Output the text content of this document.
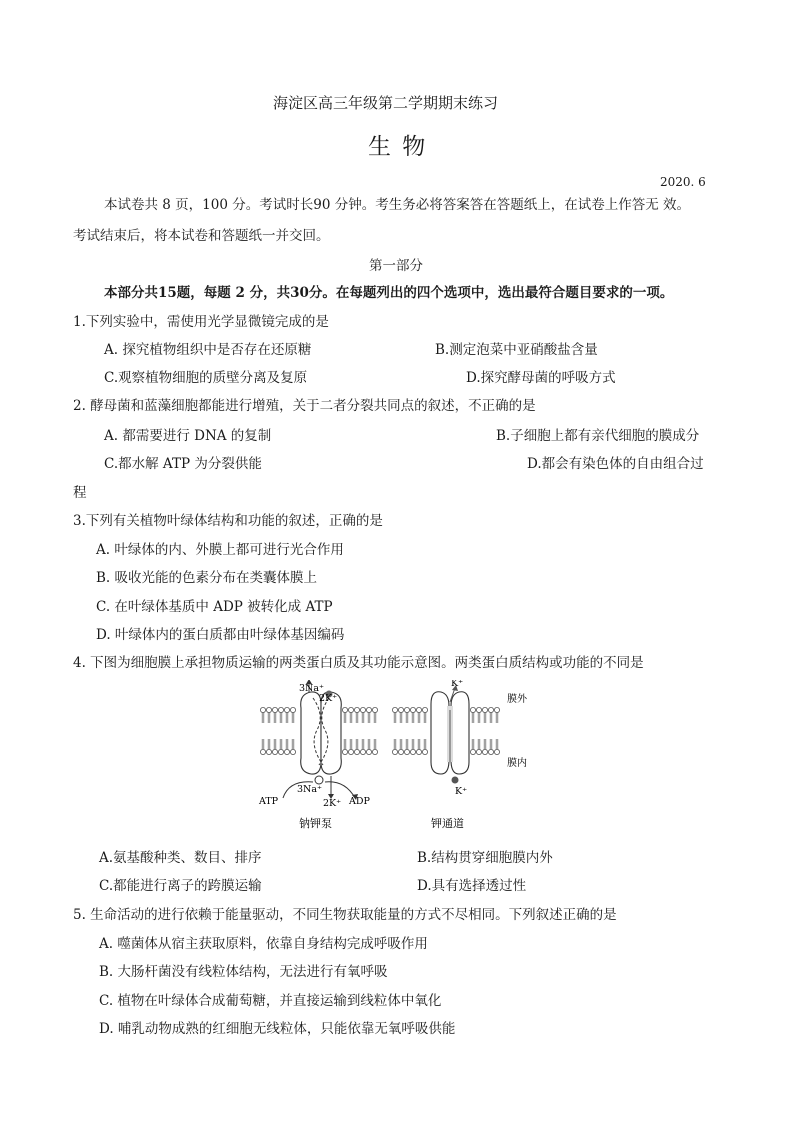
海淀区高三年级第二学期期末练习
生 物
2020. 6
本试卷共 8 页，100 分。考试时长90 分钟。考生务必将答案答在答题纸上，在试卷上作答无 效。
考试结束后，将本试卷和答题纸一并交回。
第一部分
本部分共15题，每题 2 分，共30分。在每题列出的四个选项中，选出最符合题目要求的一项。
1.下列实验中，需使用光学显微镜完成的是
A. 探究植物组织中是否存在还原糖	B.测定泡菜中亚硝酸盐含量
C.观察植物细胞的质壁分离及复原	D.探究酵母菌的呼吸方式
2. 酵母菌和蓝藻细胞都能进行增殖，关于二者分裂共同点的叙述，不正确的是
A. 都需要进行 DNA 的复制	B.子细胞上都有亲代细胞的膜成分
C.都水解 ATP 为分裂供能	D.都会有染色体的自由组合过
程
3.下列有关植物叶绿体结构和功能的叙述，正确的是
A. 叶绿体的内、外膜上都可进行光合作用
B. 吸收光能的色素分布在类囊体膜上
C. 在叶绿体基质中 ADP 被转化成 ATP
D. 叶绿体内的蛋白质都由叶绿体基因编码
4. 下图为细胞膜上承担物质运输的两类蛋白质及其功能示意图。两类蛋白质结构或功能的不同是
3Na⁺
2K⁺
3Na⁺
2K⁺
ATP	ADP
钠钾泵
K⁺
K⁺
膜外
膜内
钾通道
A.氨基酸种类、数目、排序	B.结构贯穿细胞膜内外
C.都能进行离子的跨膜运输	D.具有选择透过性
5. 生命活动的进行依赖于能量驱动，不同生物获取能量的方式不尽相同。下列叙述正确的是
A. 噬菌体从宿主获取原料，依靠自身结构完成呼吸作用
B. 大肠杆菌没有线粒体结构，无法进行有氧呼吸
C. 植物在叶绿体合成葡萄糖，并直接运输到线粒体中氧化
D. 哺乳动物成熟的红细胞无线粒体，只能依靠无氧呼吸供能
